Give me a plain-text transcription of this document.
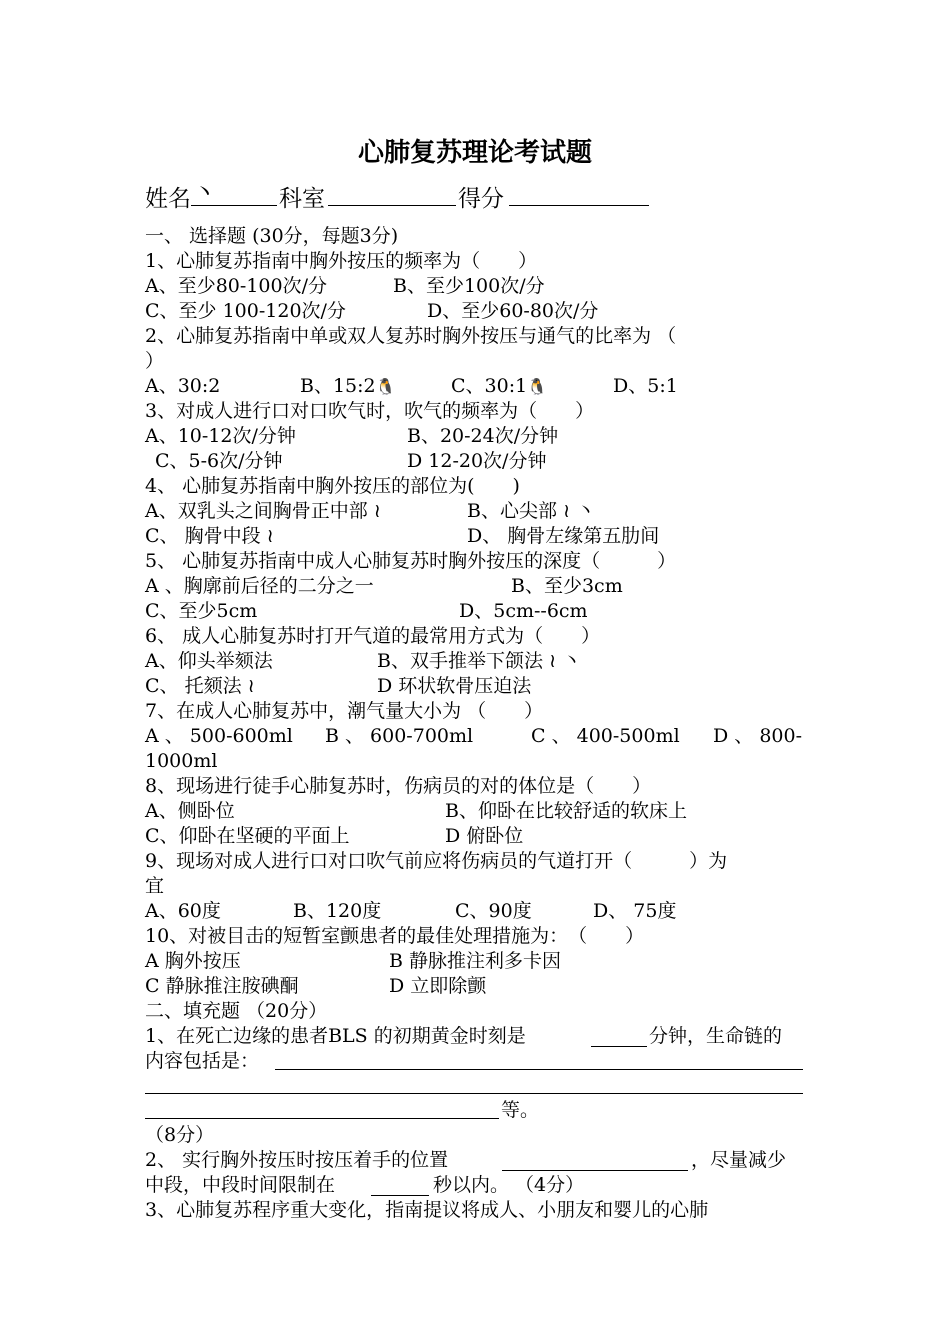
心肺复苏理论考试题
姓名 丶	科室	得分
一、 选择题 (30分，每题3分)
1、心肺复苏指南中胸外按压的频率为（　　）
A、至少80-100次/分	B、至少100次/分
C、至少 100-120次/分	D、至少60-80次/分
2、心肺复苏指南中单或双人复苏时胸外按压与通气的比率为 （
）
A、30:2	B、15:2🐧	C、30:1🐧	D、5:1
3、对成人进行口对口吹气时，吹气的频率为（　　）
A、10-12次/分钟	B、20-24次/分钟
C、5-6次/分钟	D 12-20次/分钟
4、 心肺复苏指南中胸外按压的部位为(　　)
A、双乳头之间胸骨正中部 ≀	B、心尖部 ≀ 丶
C、 胸骨中段 ≀	D、 胸骨左缘第五肋间
5、 心肺复苏指南中成人心肺复苏时胸外按压的深度（　　　）
A 、胸廓前后径的二分之一	B、至少3cm
C、至少5cm	D、5cm--6cm
6、 成人心肺复苏时打开气道的最常用方式为（　　）
A、仰头举颏法	B、双手推举下颌法 ≀ 丶
C、 托颏法 ≀	D 环状软骨压迫法
7、在成人心肺复苏中，潮气量大小为 （　　）
A 、 500-600ml B 、 600-700ml	C 、 400-500ml D 、 800-
1000ml
8、现场进行徒手心肺复苏时，伤病员的对的体位是（　　）
A、侧卧位	B、仰卧在比较舒适的软床上
C、仰卧在坚硬的平面上	D 俯卧位
9、现场对成人进行口对口吹气前应将伤病员的气道打开（　　　）为
宜
A、60度	B、120度	C、90度	D、 75度
10、对被目击的短暂室颤患者的最佳处理措施为：　（　　）
A 胸外按压	B 静脉推注利多卡因
C 静脉推注胺碘酮	D 立即除颤
二、填充题 （20分）
1、在死亡边缘的患者BLS 的初期黄金时刻是	分钟，生命链的
内容包括是：
等。
（8分）
2、 实行胸外按压时按压着手的位置	，尽量减少
中段，中段时间限制在	秒以内。 （4分）
3、心肺复苏程序重大变化，指南提议将成人、小朋友和婴儿的心肺
